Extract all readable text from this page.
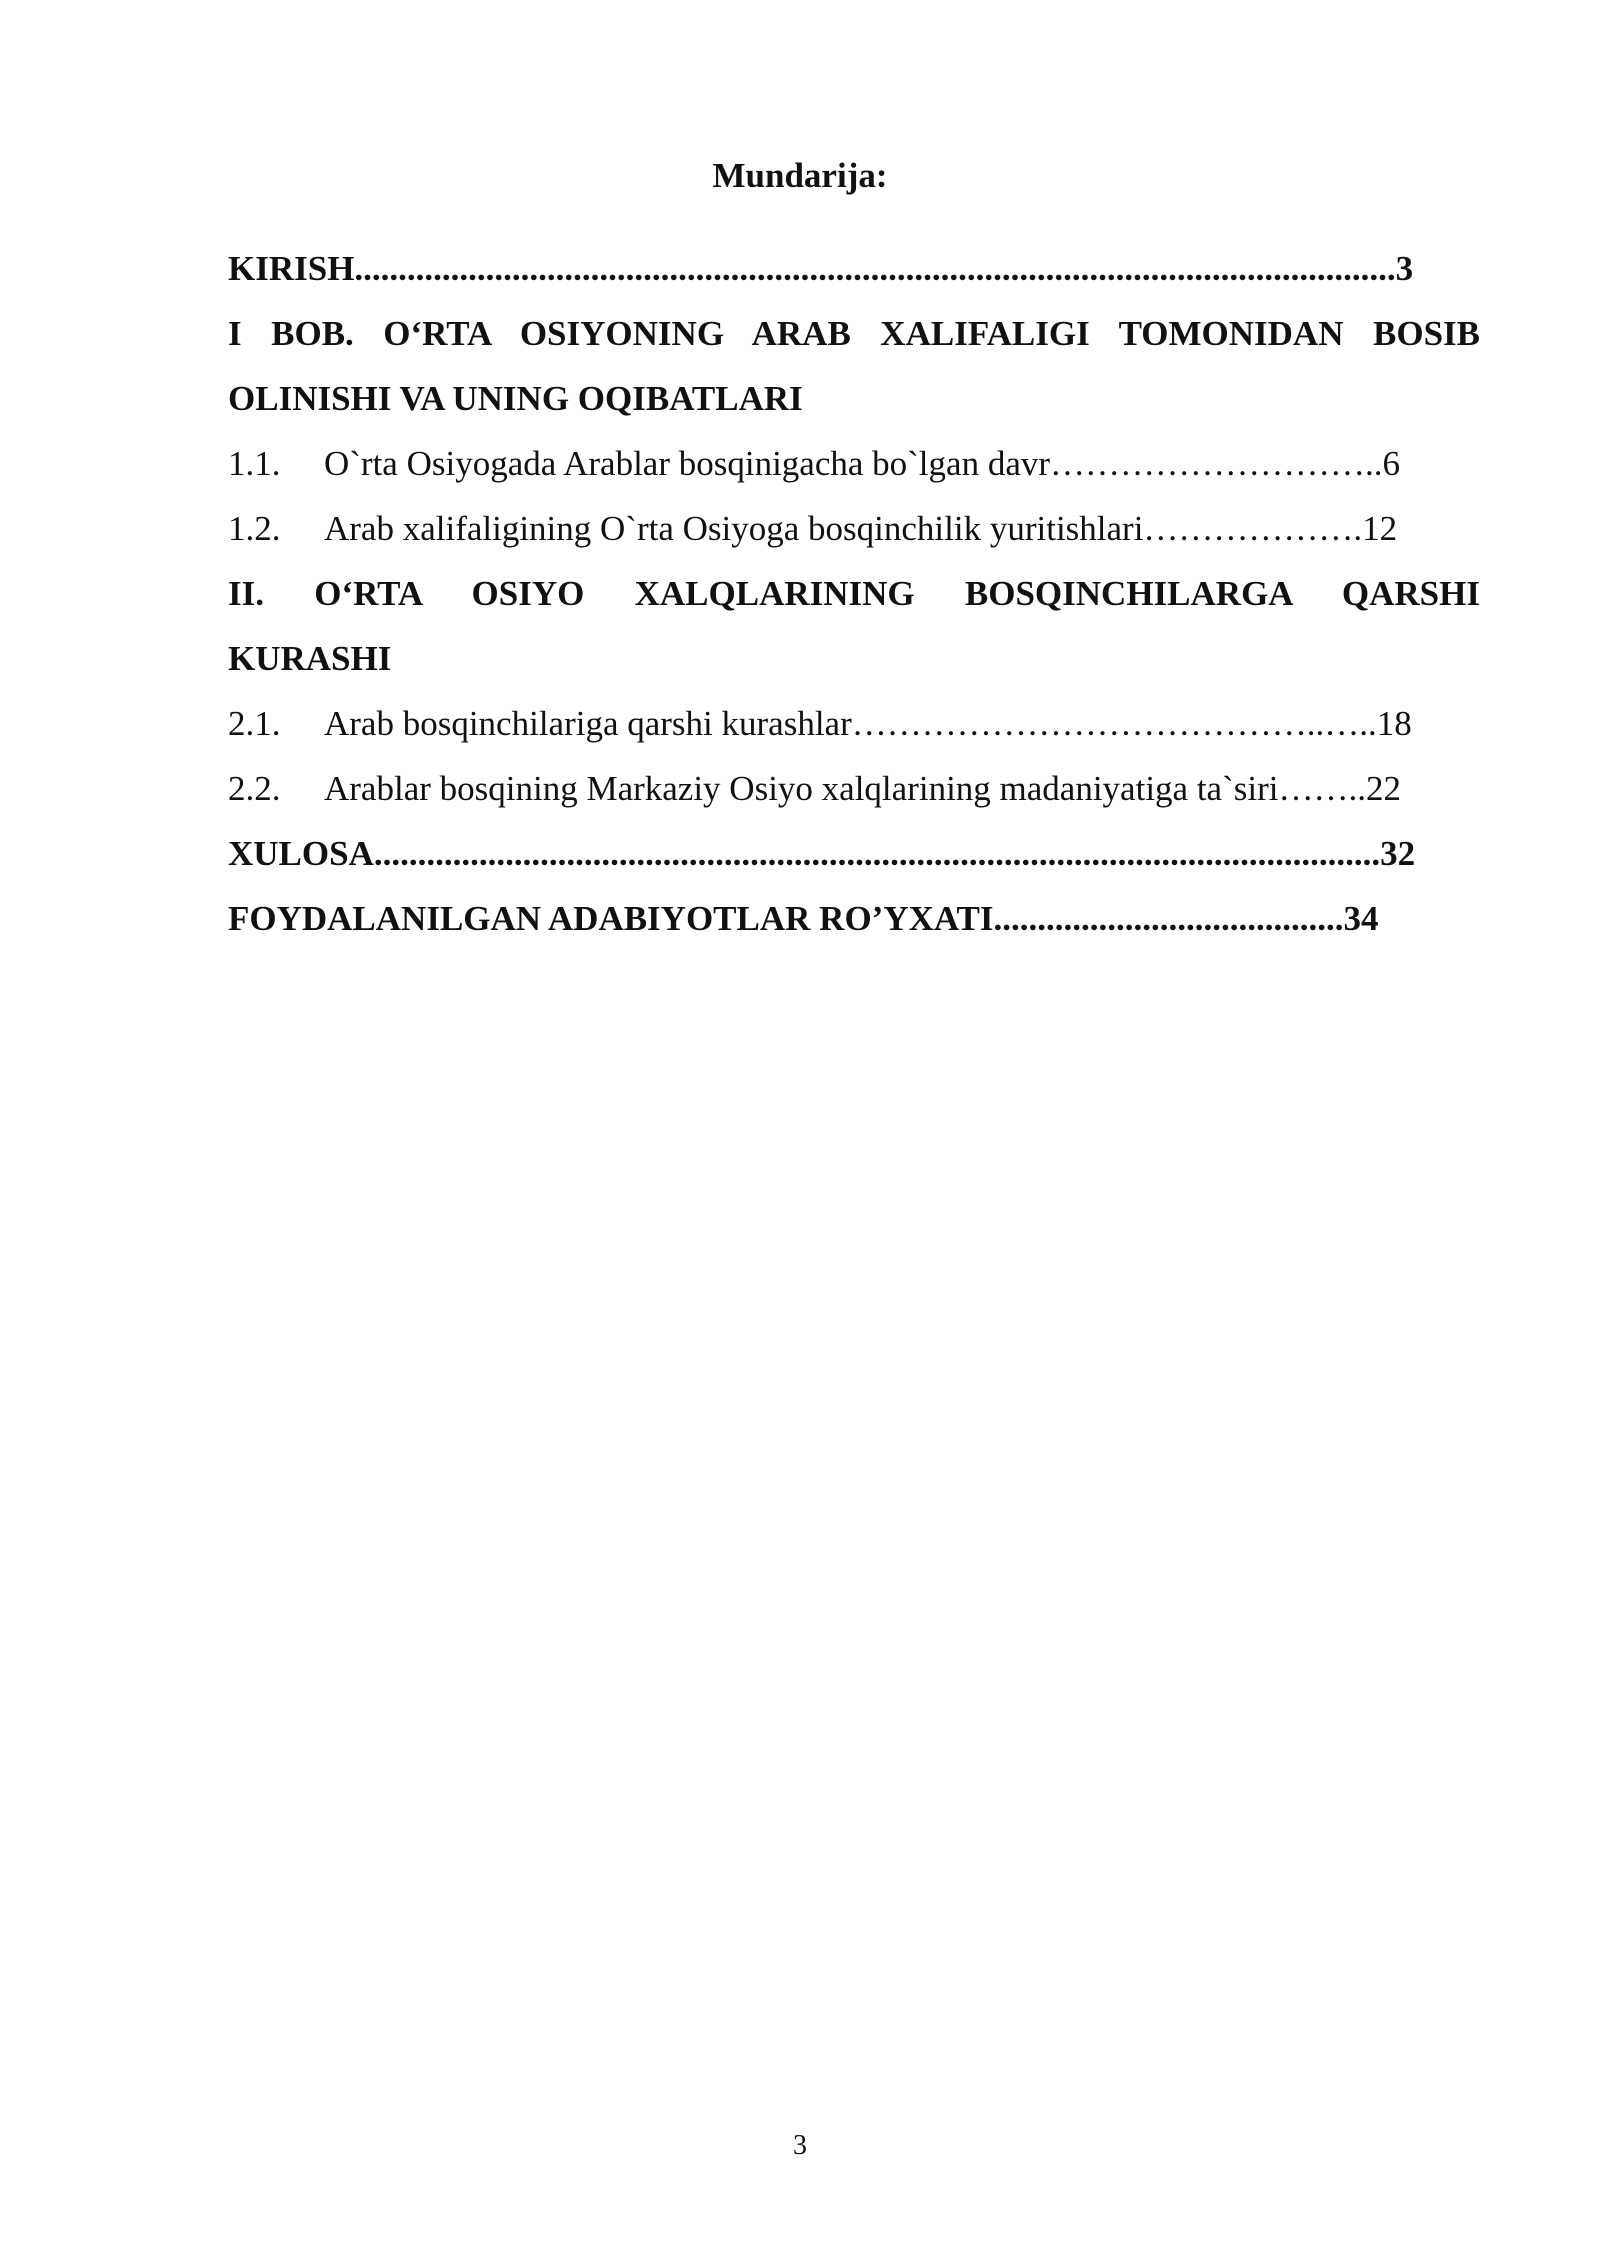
Mundarija:
KIRISH.......................................................................................................................3
I BOB. O‘RTA OSIYONING ARAB XALIFALIGI TOMONIDAN BOSIB
OLINISHI VA UNING OQIBATLARI
1.1. O`rta Osiyogada Arablar bosqinigacha bo`lgan davr………………………..6
1.2. Arab xalifaligining O`rta Osiyoga bosqinchilik yuritishlari……………….12
II. O‘RTA OSIYO XALQLARINING BOSQINCHILARGA QARSHI
KURASHI
2.1. Arab bosqinchilariga qarshi kurashlar…………………………………..…..18
2.2. Arablar bosqining Markaziy Osiyo xalqlarining madaniyatiga ta`siri……..22
XULOSA...................................................................................................................32
FOYDALANILGAN ADABIYOTLAR RO’YXATI........................................34
3
